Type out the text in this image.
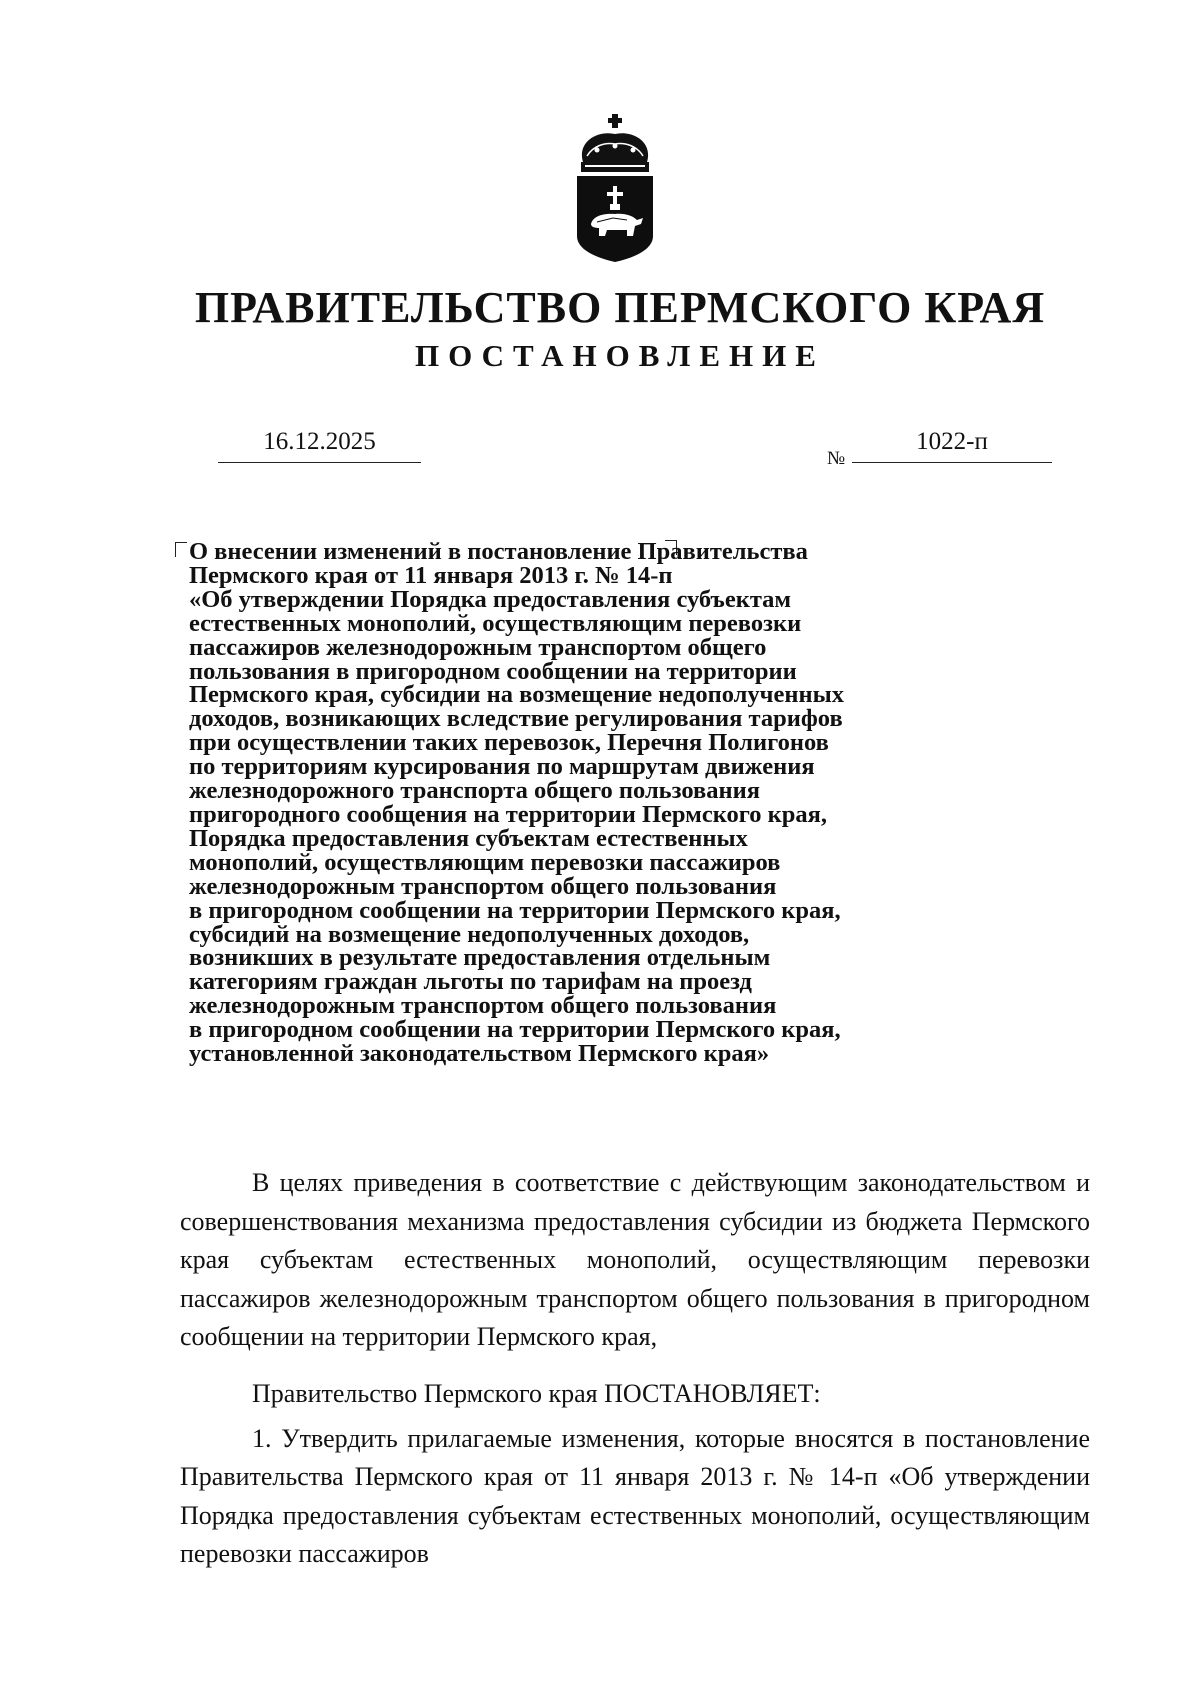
ПРАВИТЕЛЬСТВО ПЕРМСКОГО КРАЯ
ПОСТАНОВЛЕНИЕ
16.12.2025
№
1022-п
О внесении изменений в постановление Правительства
Пермского края от 11 января 2013 г. № 14-п
«Об утверждении Порядка предоставления субъектам
естественных монополий, осуществляющим перевозки
пассажиров железнодорожным транспортом общего
пользования в пригородном сообщении на территории
Пермского края, субсидии на возмещение недополученных
доходов, возникающих вследствие регулирования тарифов
при осуществлении таких перевозок, Перечня Полигонов
по территориям курсирования по маршрутам движения
железнодорожного транспорта общего пользования
пригородного сообщения на территории Пермского края,
Порядка предоставления субъектам естественных
монополий, осуществляющим перевозки пассажиров
железнодорожным транспортом общего пользования
в пригородном сообщении на территории Пермского края,
субсидий на возмещение недополученных доходов,
возникших в результате предоставления отдельным
категориям граждан льготы по тарифам на проезд
железнодорожным транспортом общего пользования
в пригородном сообщении на территории Пермского края,
установленной законодательством Пермского края»

В целях приведения в соответствие с действующим законодательством и совершенствования механизма предоставления субсидии из бюджета Пермского края субъектам естественных монополий, осуществляющим перевозки пассажиров железнодорожным транспортом общего пользования в пригородном сообщении на территории Пермского края,

Правительство Пермского края ПОСТАНОВЛЯЕТ:

1. Утвердить прилагаемые изменения, которые вносятся в постановление Правительства Пермского края от 11 января 2013 г. № 14-п «Об утверждении Порядка предоставления субъектам естественных монополий, осуществляющим перевозки пассажиров
